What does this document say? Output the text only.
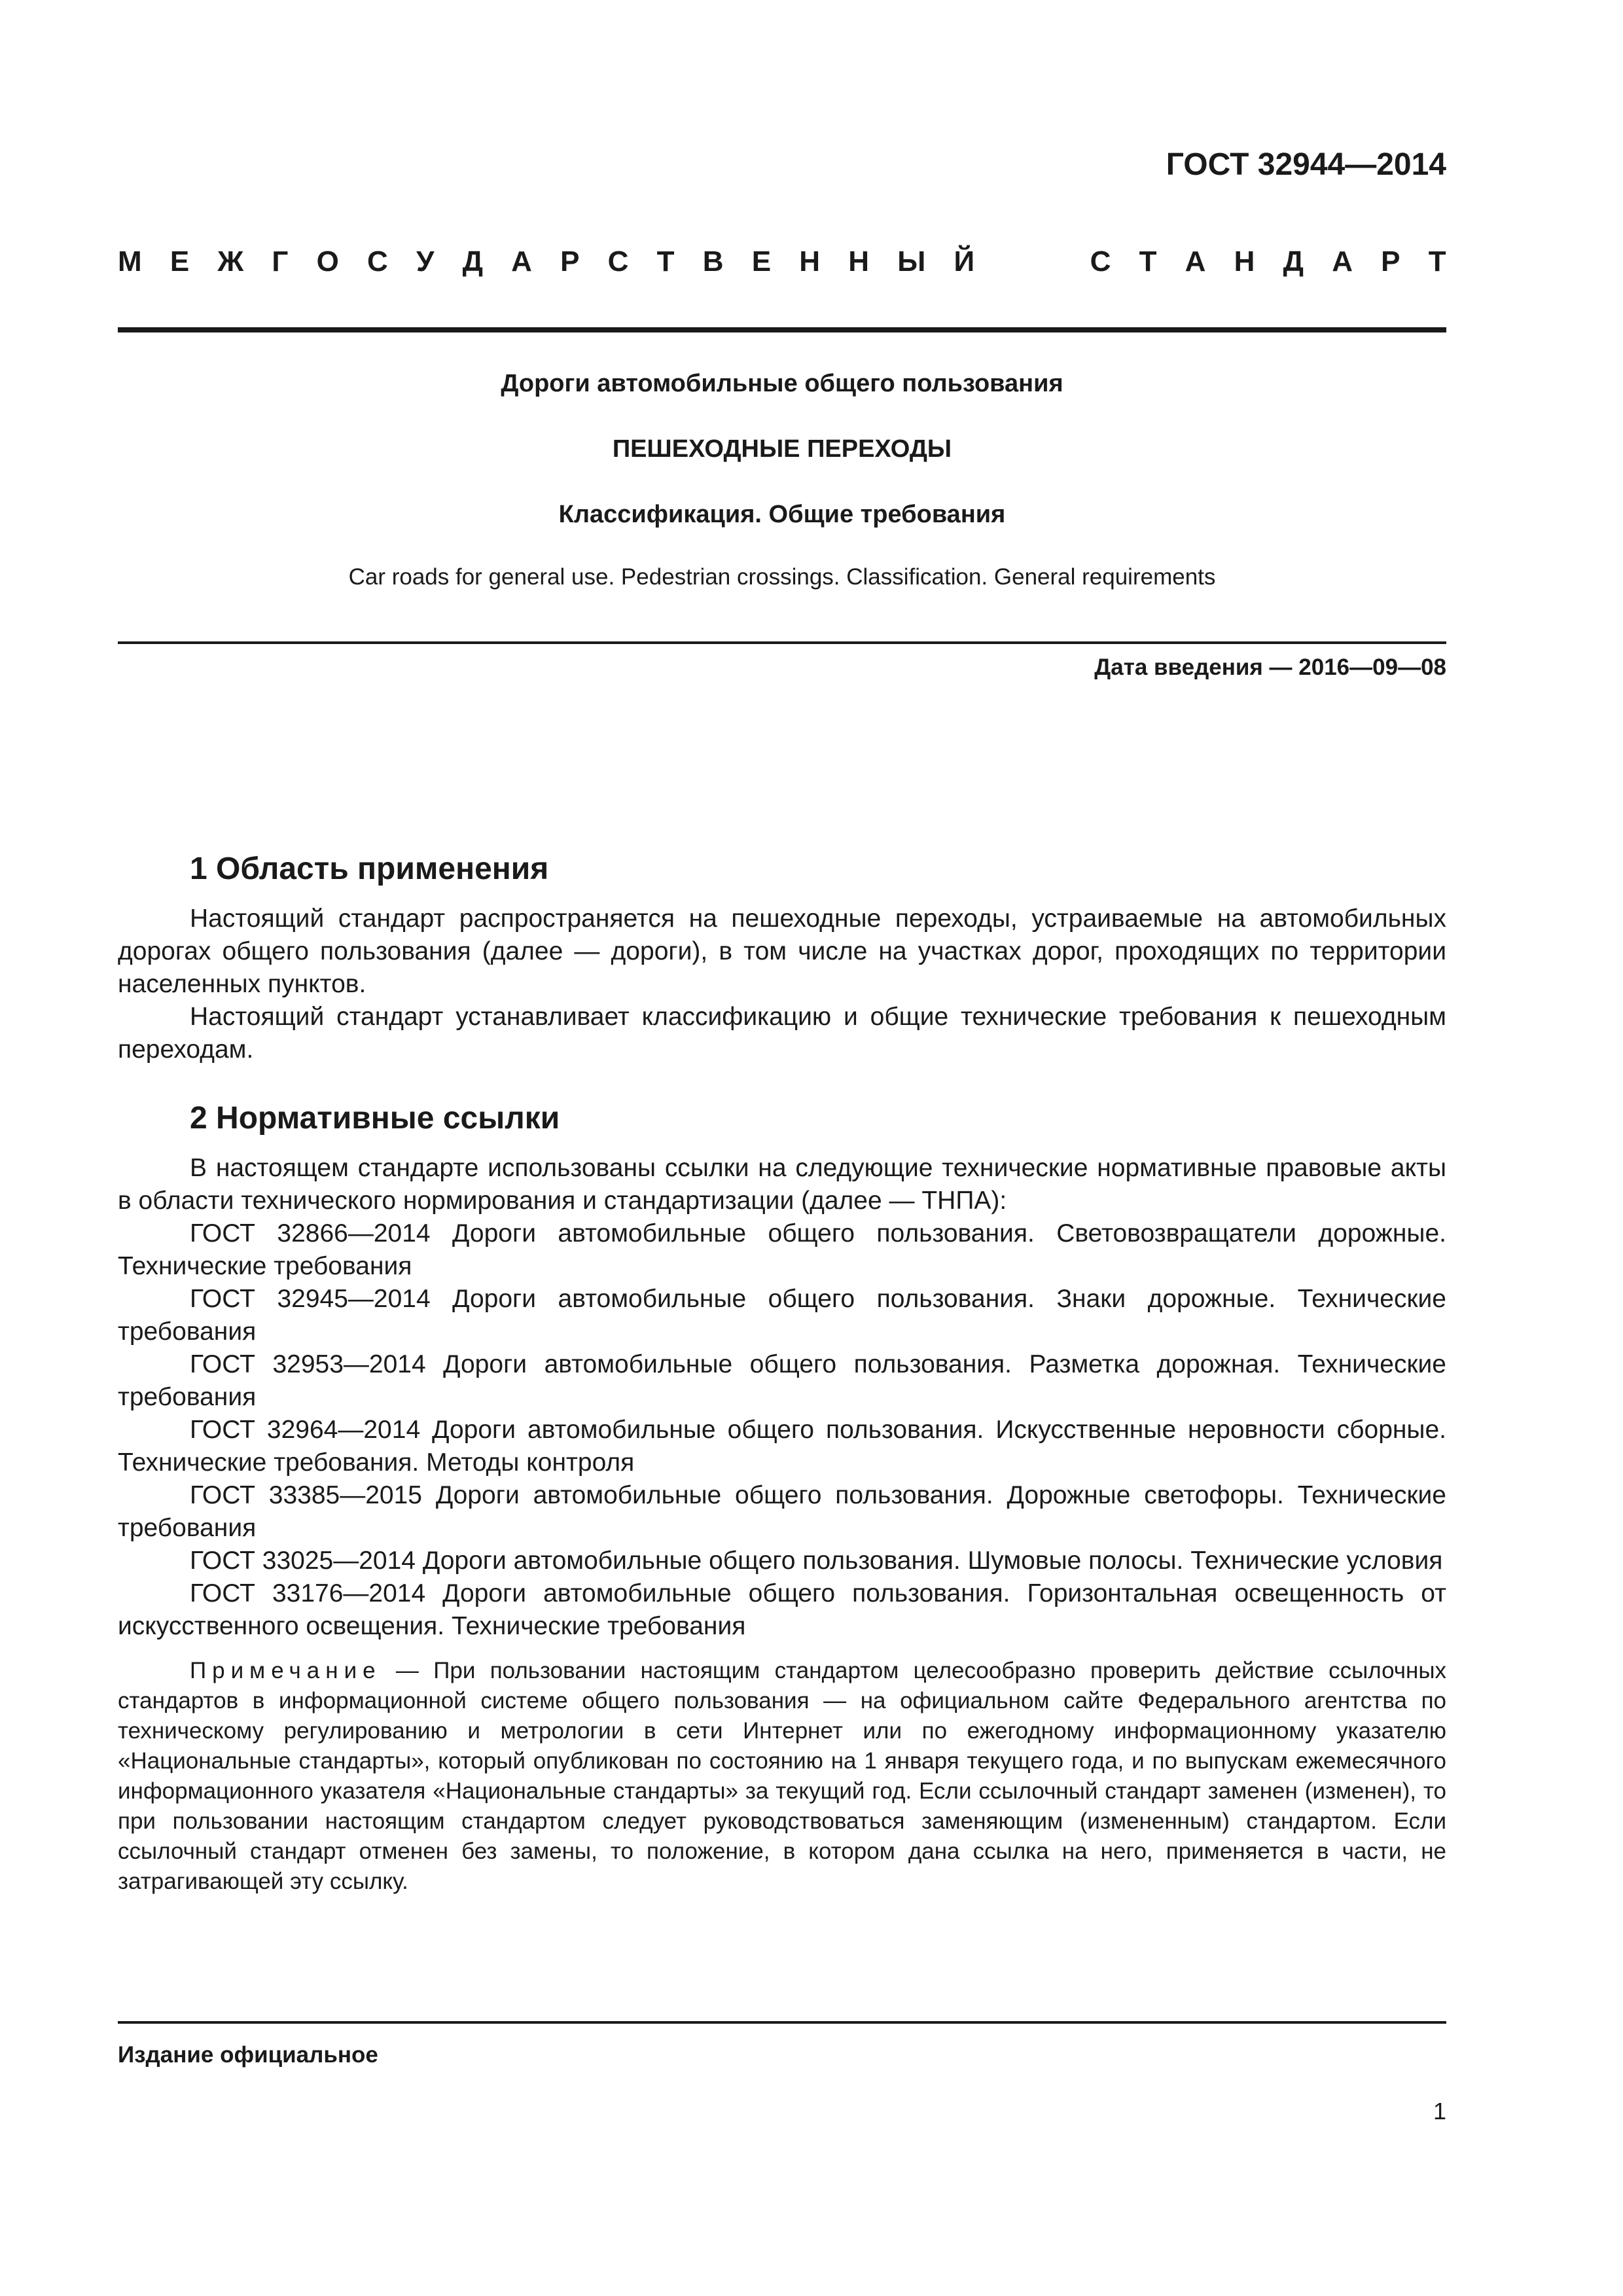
ГОСТ 32944—2014
М Е Ж Г О С У Д А Р С Т В Е Н Н Ы Й	С Т А Н Д А Р Т
Дороги автомобильные общего пользования
ПЕШЕХОДНЫЕ ПЕРЕХОДЫ
Классификация. Общие требования
Car roads for general use. Pedestrian crossings. Classification. General requirements
Дата введения — 2016—09—08
1 Область применения

Настоящий стандарт распространяется на пешеходные переходы, устраиваемые на автомобильных дорогах общего пользования (далее — дороги), в том числе на участках дорог, проходящих по территории населенных пунктов.

Настоящий стандарт устанавливает классификацию и общие технические требования к пешеходным переходам.

2 Нормативные ссылки

В настоящем стандарте использованы ссылки на следующие технические нормативные правовые акты в области технического нормирования и стандартизации (далее — ТНПА):

ГОСТ 32866—2014 Дороги автомобильные общего пользования. Световозвращатели дорожные. Технические требования

ГОСТ 32945—2014 Дороги автомобильные общего пользования. Знаки дорожные. Технические требования

ГОСТ 32953—2014 Дороги автомобильные общего пользования. Разметка дорожная. Технические требования

ГОСТ 32964—2014 Дороги автомобильные общего пользования. Искусственные неровности сборные. Технические требования. Методы контроля

ГОСТ 33385—2015 Дороги автомобильные общего пользования. Дорожные светофоры. Технические требования

ГОСТ 33025—2014 Дороги автомобильные общего пользования. Шумовые полосы. Технические условия

ГОСТ 33176—2014 Дороги автомобильные общего пользования. Горизонтальная освещенность от искусственного освещения. Технические требования

Примечание — При пользовании настоящим стандартом целесообразно проверить действие ссылочных стандартов в информационной системе общего пользования — на официальном сайте Федерального агентства по техническому регулированию и метрологии в сети Интернет или по ежегодному информационному указателю «Национальные стандарты», который опубликован по состоянию на 1 января текущего года, и по выпускам ежемесячного информационного указателя «Национальные стандарты» за текущий год. Если ссылочный стандарт заменен (изменен), то при пользовании настоящим стандартом следует руководствоваться заменяющим (измененным) стандартом. Если ссылочный стандарт отменен без замены, то положение, в котором дана ссылка на него, применяется в части, не затрагивающей эту ссылку.
Издание официальное
1
